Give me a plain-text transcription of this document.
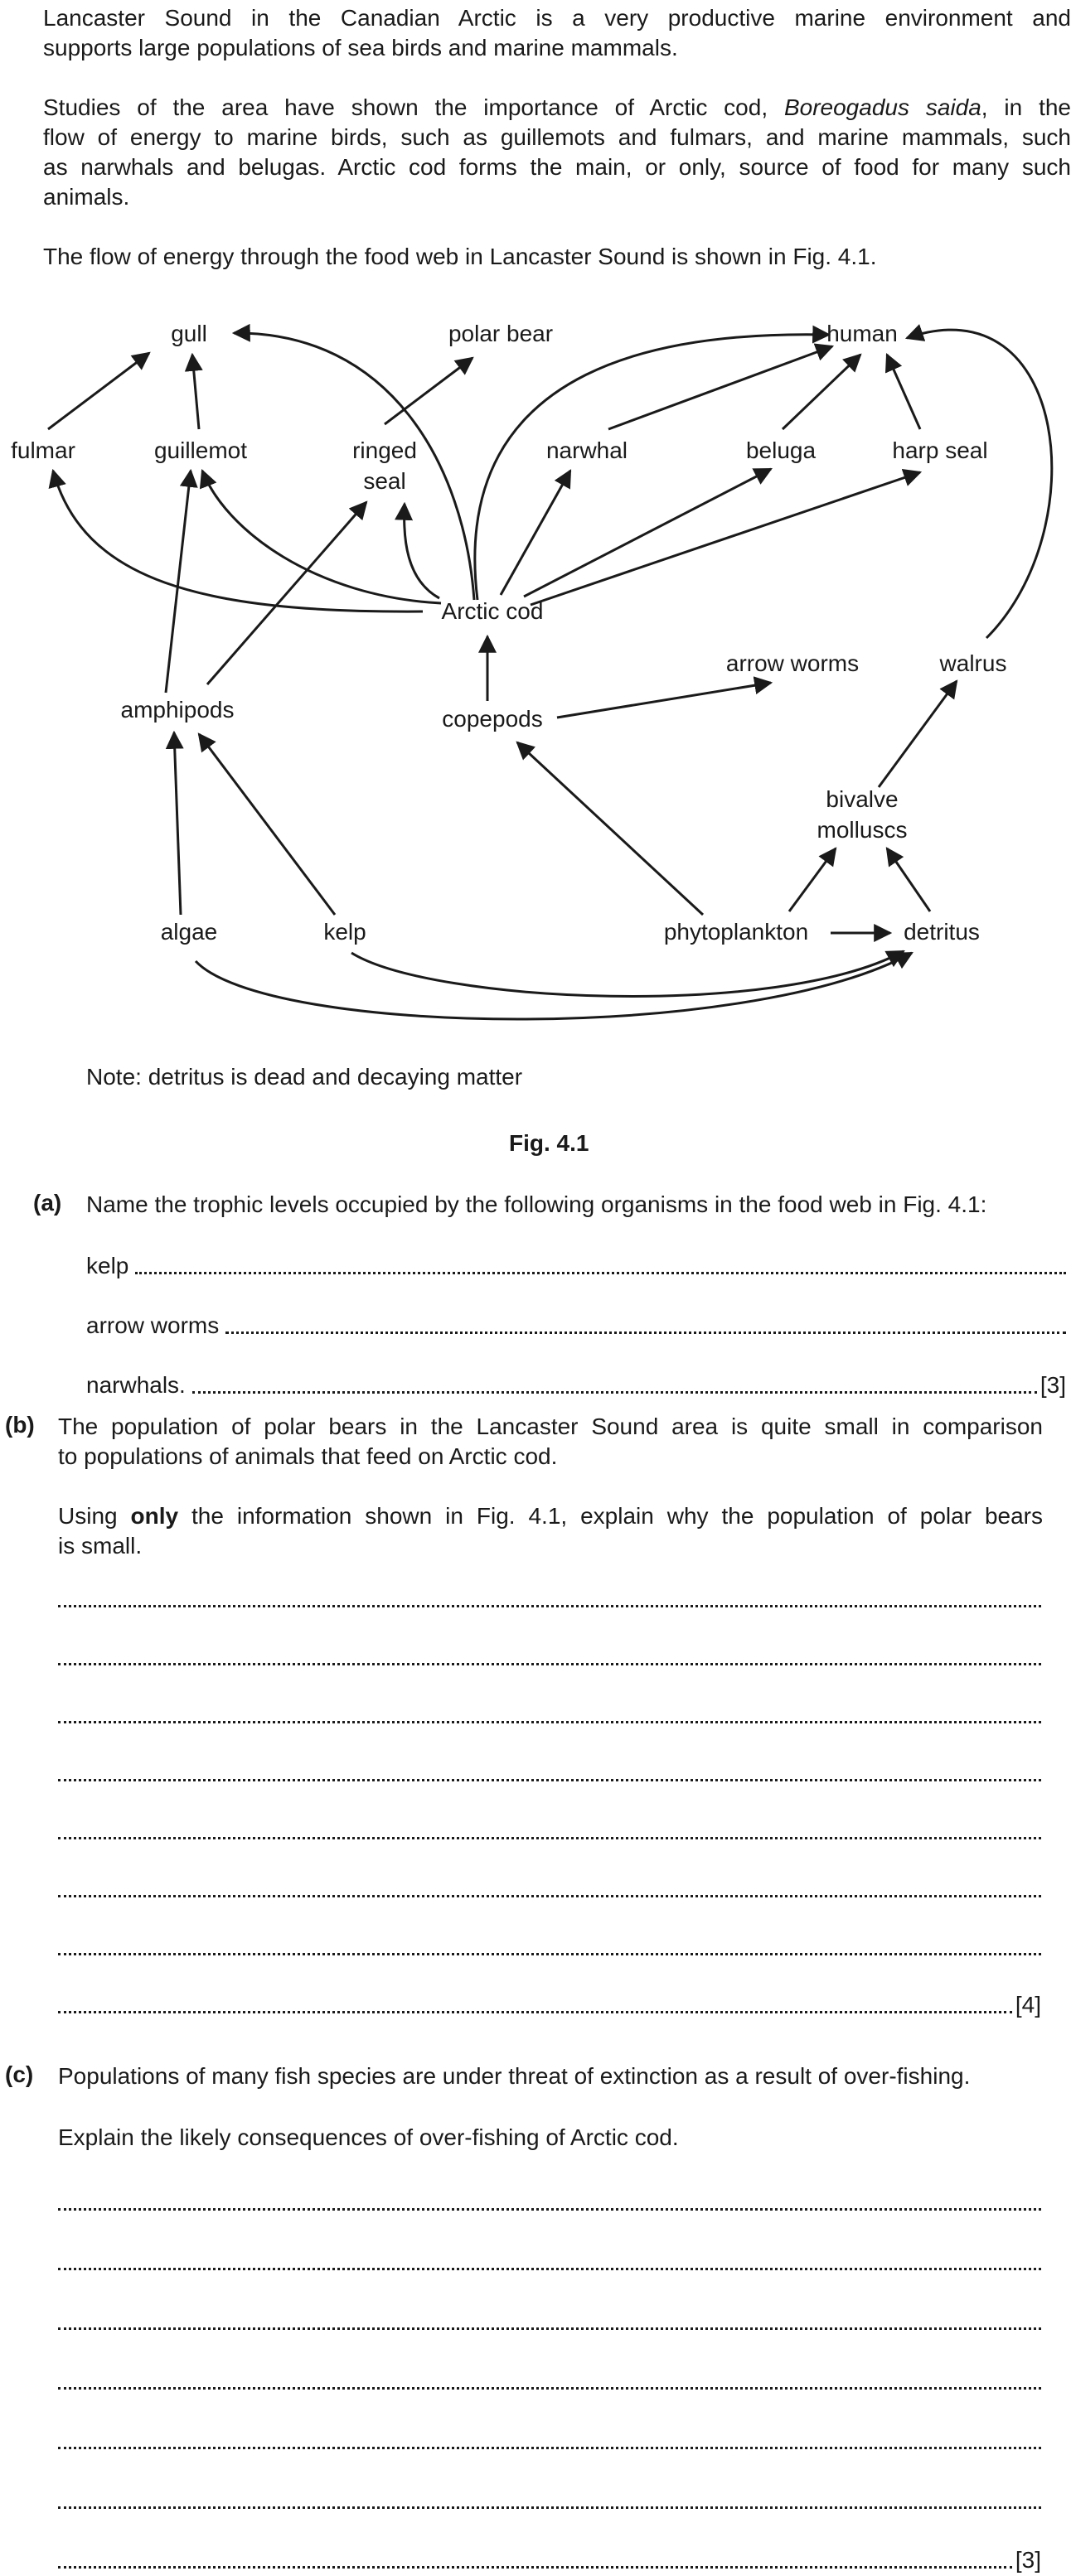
Lancaster Sound in the Canadian Arctic is a very productive marine environment and
supports large populations of sea birds and marine mammals.
Studies of the area have shown the importance of Arctic cod, Boreogadus saida, in the
flow of energy to marine birds, such as guillemots and fulmars, and marine mammals, such
as narwhals and belugas. Arctic cod forms the main, or only, source of food for many such
animals.
The flow of energy through the food web in Lancaster Sound is shown in Fig. 4.1.
gull	polar bear	human
fulmar	guillemot	ringed
seal
narwhal	beluga	harp seal
Arctic cod
arrow worms	walrus
amphipods	copepods
bivalve
molluscs
algae	kelp	phytoplankton	detritus
Note: detritus is dead and decaying matter
Fig. 4.1
(a) Name the trophic levels occupied by the following organisms in the food web in Fig. 4.1:
kelp
arrow worms
narwhals.	[3]
(b) The population of polar bears in the Lancaster Sound area is quite small in comparison
to populations of animals that feed on Arctic cod.
Using only the information shown in Fig. 4.1, explain why the population of polar bears
is small.
[4]
(c) Populations of many fish species are under threat of extinction as a result of over-fishing.
Explain the likely consequences of over-fishing of Arctic cod.
[3]
